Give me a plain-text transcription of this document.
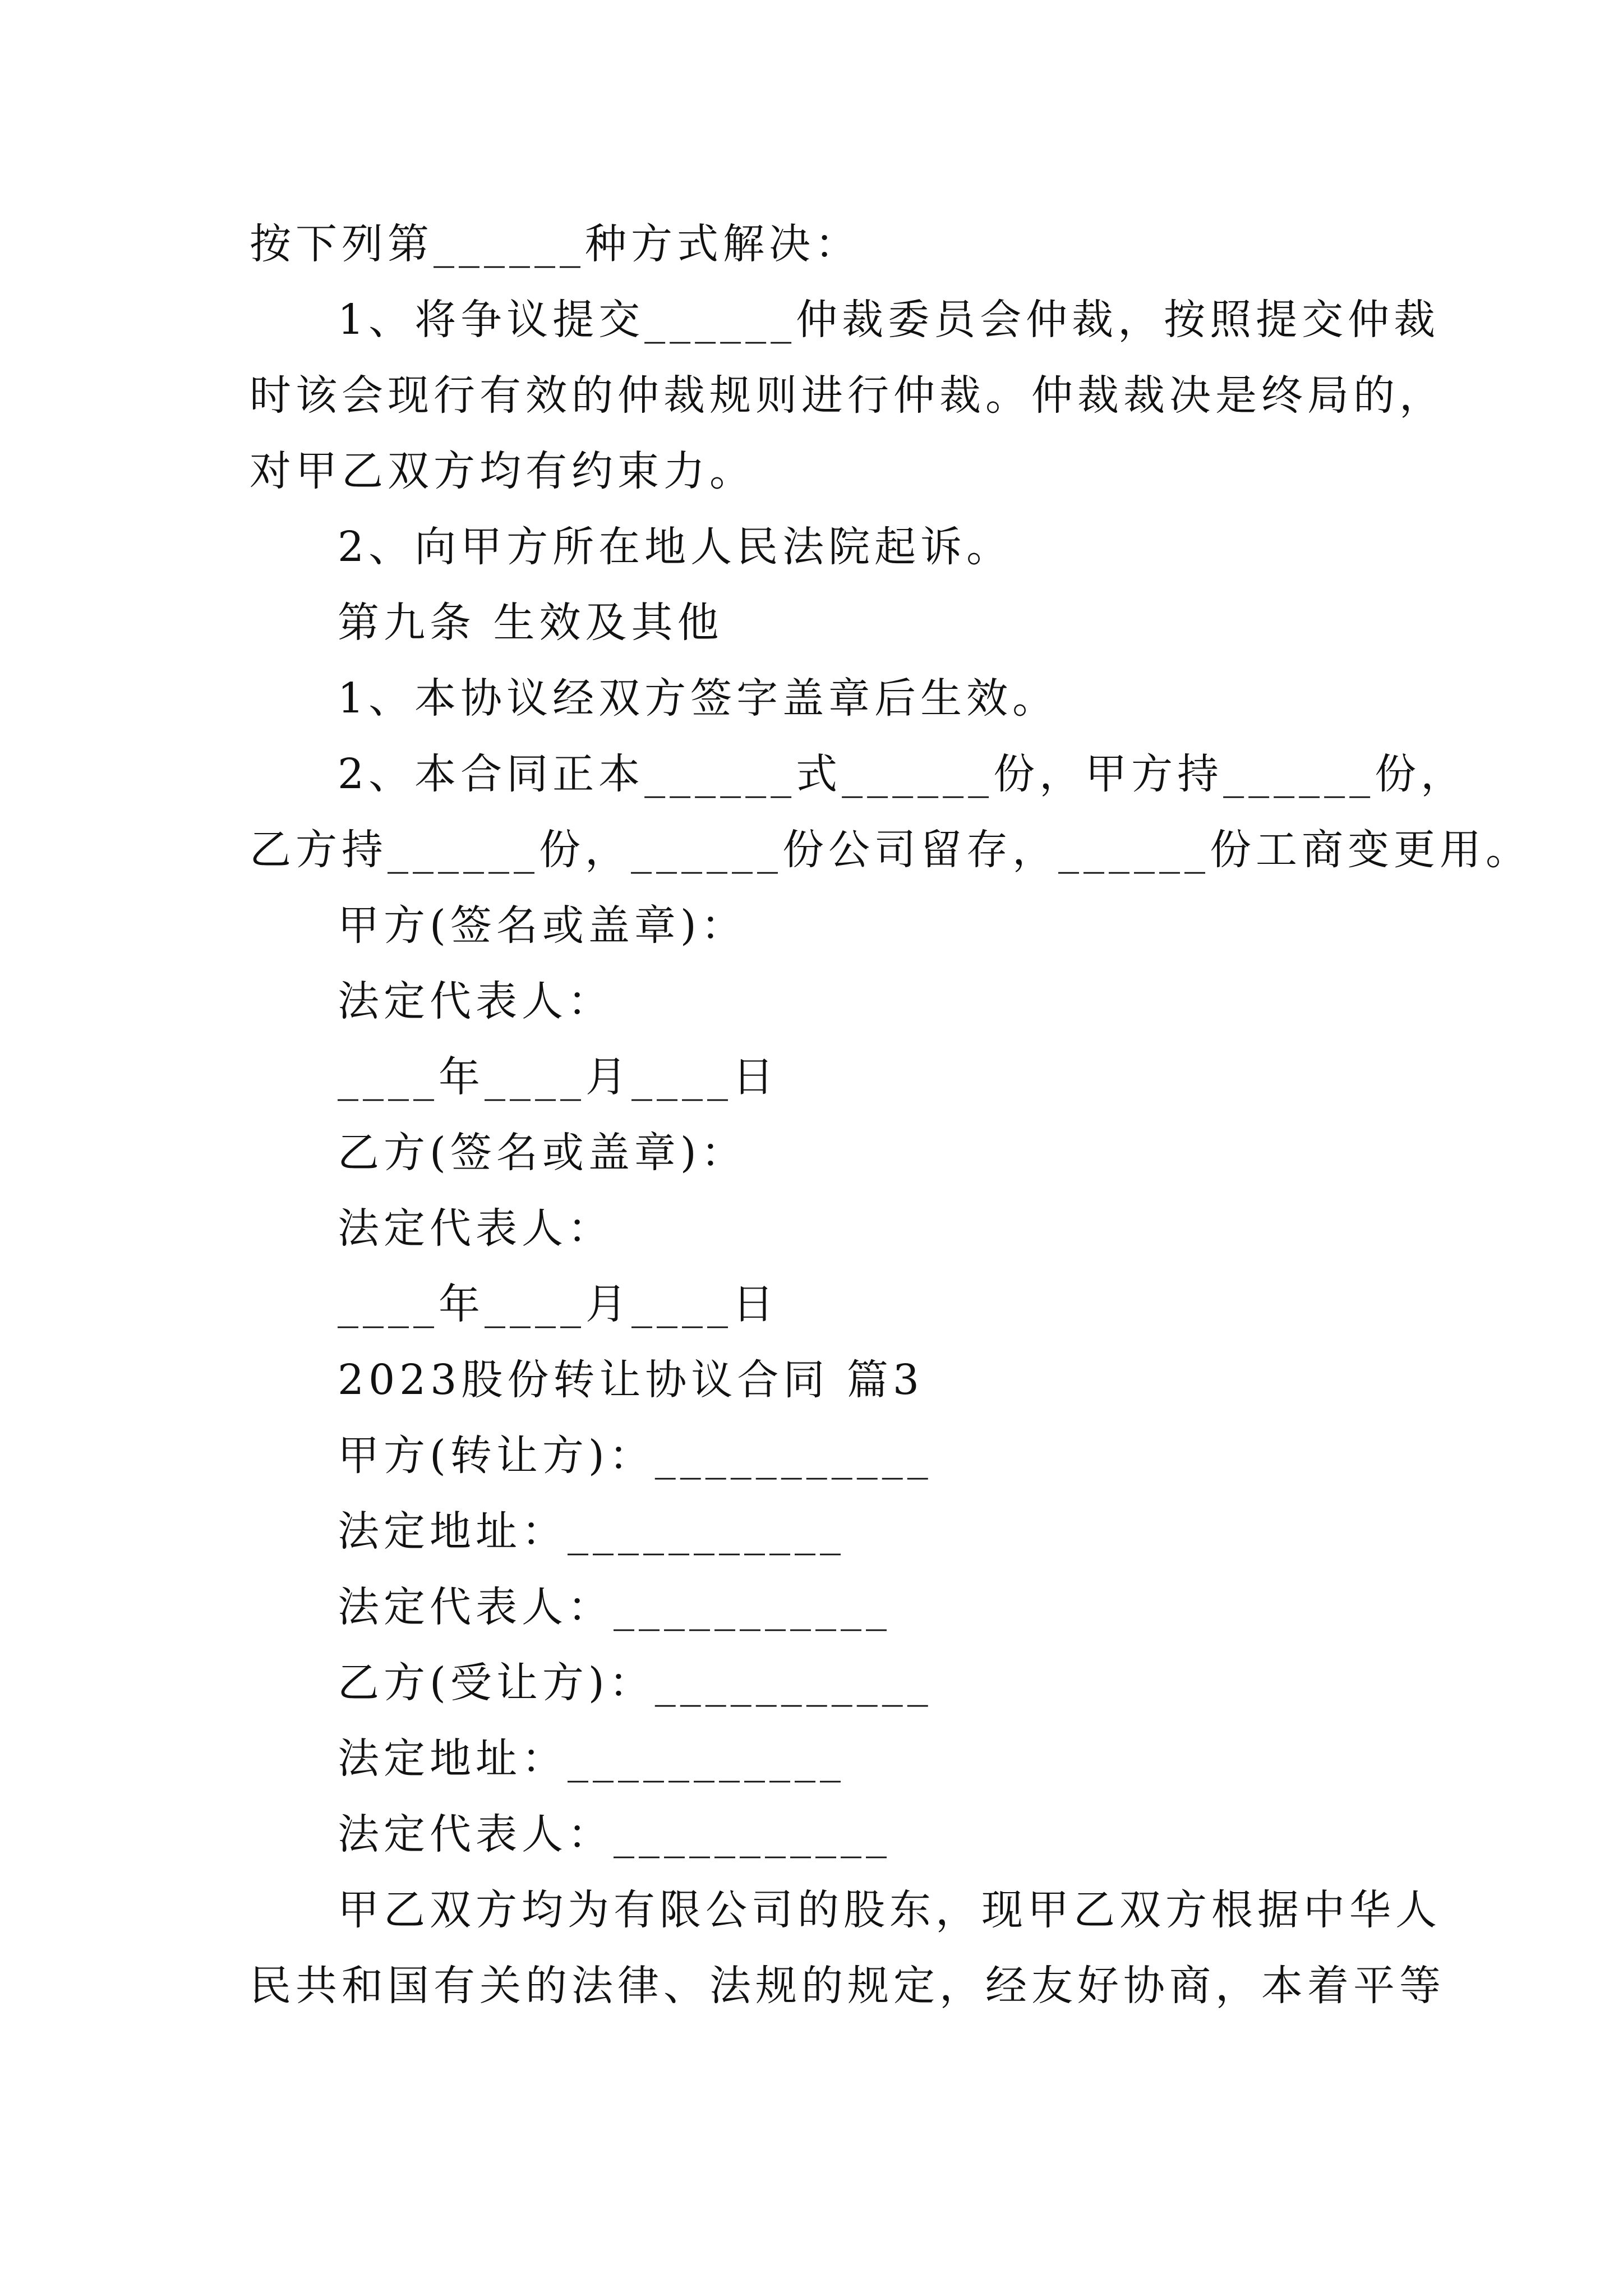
按下列第______种方式解决：

1、将争议提交______仲裁委员会仲裁，按照提交仲裁

时该会现行有效的仲裁规则进行仲裁。仲裁裁决是终局的，

对甲乙双方均有约束力。

2、向甲方所在地人民法院起诉。

第九条 生效及其他

1、本协议经双方签字盖章后生效。

2、本合同正本______式______份，甲方持______份，

乙方持______份，______份公司留存，______份工商变更用。

甲方(签名或盖章)：

法定代表人：

____年____月____日

乙方(签名或盖章)：

法定代表人：

____年____月____日

2023股份转让协议合同 篇3

甲方(转让方)：___________

法定地址：___________

法定代表人：___________

乙方(受让方)：___________

法定地址：___________

法定代表人：___________

甲乙双方均为有限公司的股东，现甲乙双方根据中华人

民共和国有关的法律、法规的规定，经友好协商，本着平等
